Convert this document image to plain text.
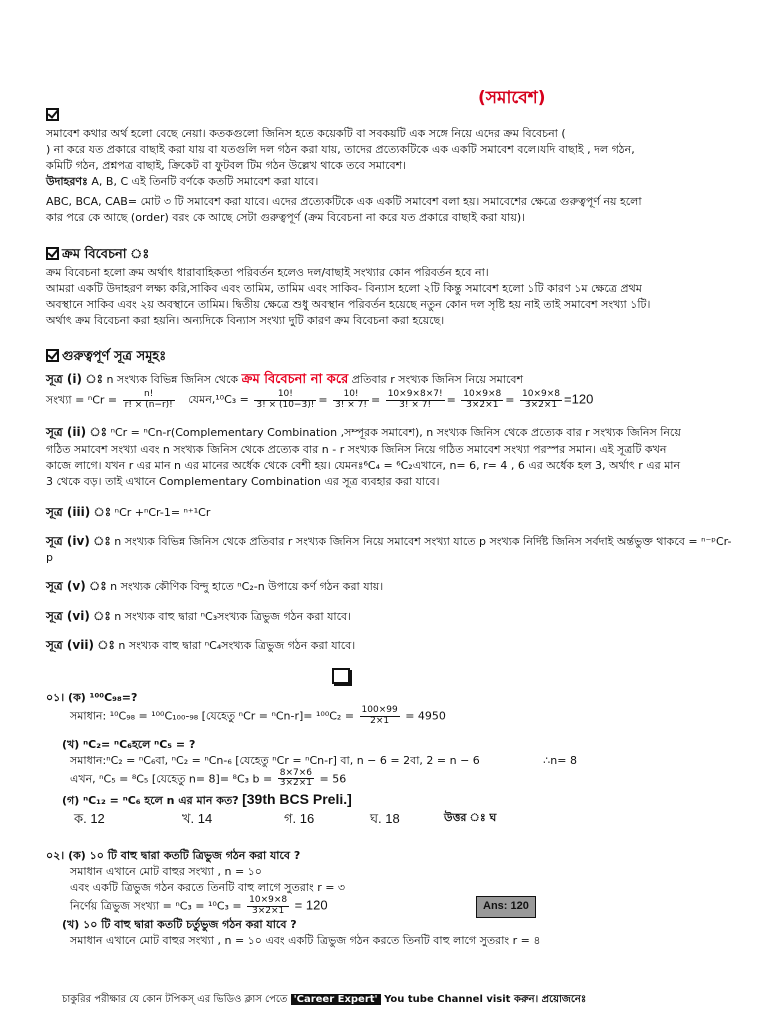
(সমাবেশ)
সমাবেশ কথার অর্থ হলো বেছে নেয়া। কতকগুলো জিনিস হতে কয়েকটি বা সবকয়টি এক সঙ্গে নিয়ে এদের ক্রম বিবেচনা (
) না করে যত প্রকারে বাছাই করা যায় বা যতগুলি দল গঠন করা যায়, তাদের প্রত্যেকটিকে এক একটি সমাবেশ বলে।যদি বাছাই , দল গঠন,
কমিটি গঠন, প্রশ্নপত্র বাছাই, ক্রিকেট বা ফুটবল টিম গঠন উল্লেখ থাকে তবে সমাবেশ।
উদাহরণঃ A, B, C এই তিনটি বর্ণকে কতটি সমাবেশ করা যাবে।
ABC, BCA, CAB= মোট ৩ টি সমাবেশ করা যাবে। এদের প্রত্যেকটিকে এক একটি সমাবেশ বলা হয়। সমাবেশের ক্ষেত্রে গুরুত্বপূর্ণ নয় হলো
কার পরে কে আছে (order) বরং কে আছে সেটা গুরুত্বপূর্ণ (ক্রম বিবেচনা না করে যত প্রকারে বাছাই করা যায়)।
ক্রম বিবেচনা ঃ
ক্রম বিবেচনা হলো ক্রম অর্থাৎ ধারাবাহিকতা পরিবর্তন হলেও দল/বাছাই সংখ্যার কোন পরিবর্তন হবে না।
আমরা একটি উদাহরণ লক্ষ্য করি,সাকিব এবং তামিম, তামিম এবং সাকিব- বিন্যাস হলো ২টি কিন্তু সমাবেশ হলো ১টি কারণ ১ম ক্ষেত্রে প্রথম
অবস্থানে সাকিব এবং ২য় অবস্থানে তামিম। দ্বিতীয় ক্ষেত্রে শুধু অবস্থান পরিবর্তন হয়েছে নতুন কোন দল সৃষ্টি হয় নাই তাই সমাবেশ সংখ্যা ১টি।
অর্থাৎ ক্রম বিবেচনা করা হয়নি। অন্যদিকে বিন্যাস সংখ্যা দুটি কারণ ক্রম বিবেচনা করা হয়েছে।
গুরুত্বপূর্ণ সূত্র সমূহঃ
সূত্র (i) ঃ n সংখ্যক বিভিন্ন জিনিস থেকে ক্রম বিবেচনা না করে প্রতিবার r সংখ্যক জিনিস নিয়ে সমাবেশ
সংখ্যা = $^nCr = \frac{n!}{r! \times (n-r)!}$ যেমন,¹⁰C₃ = $\frac{10!}{3! \times (10-3)!} = \frac{10!}{3! \times 7!} = \frac{10\times 9\times 8\times 7!}{3! \times 7!} = \frac{10\times 9\times 8}{3\times 2\times 1} = \frac{10\times 9\times 8}{3\times 2\times 1} =120$
সূত্র (ii) ঃ ⁿCr = ⁿCn-r(Complementary Combination ,সম্পূরক সমাবেশ), n সংখ্যক জিনিস থেকে প্রত্যেক বার r সংখ্যক জিনিস নিয়ে
গঠিত সমাবেশ সংখ্যা এবং n সংখ্যক জিনিস থেকে প্রত্যেক বার n - r সংখ্যক জিনিস নিয়ে গঠিত সমাবেশ সংখ্যা পরস্পর সমান। এই সূত্রটি কখন
কাজে লাগে। যখন r এর মান n এর মানের অর্ধেক থেকে বেশী হয়। যেমনঃ⁶C₄ = ⁶C₂এখানে, n= 6, r= 4 , 6 এর অর্ধেক হল 3, অর্থাৎ r এর মান
3 থেকে বড়। তাই এখানে Complementary Combination এর সূত্র ব্যবহার করা যাবে।
সূত্র (iii) ঃ ⁿCr +ⁿCr-1= ⁿ⁺¹Cr
সূত্র (iv) ঃ n সংখ্যক বিভিন্ন জিনিস থেকে প্রতিবার r সংখ্যক জিনিস নিয়ে সমাবেশ সংখ্যা যাতে p সংখ্যক নির্দিষ্ট জিনিস সর্বদাই অর্ন্তভুক্ত থাকবে = ⁿ⁻ᵖCr-p
সূত্র (v) ঃ n সংখ্যক কৌণিক বিন্দু হাতে ⁿC₂-n উপায়ে কর্ণ গঠন করা যায়।
সূত্র (vi) ঃ n সংখ্যক বাহু দ্বারা ⁿC₃সংখ্যক ত্রিভুজ গঠন করা যাবে।
সূত্র (vii) ঃ n সংখ্যক বাহু দ্বারা ⁿC₄সংখ্যক ত্রিভুজ গঠন করা যাবে।
০১। (ক) ¹⁰⁰C₉₈=?
সমাধান: ¹⁰C₉₈ = ¹⁰⁰C₁₀₀-₉₈ [যেহেতু $^nCr = ^nCn-r]= ^{100}C_2 = \frac{100\times 99}{2\times 1} = 4950$
(খ) ⁿC₂= ⁿC₆হলে ⁿC₅ = ?
সমাধান:ⁿC₂ = ⁿC₆বা, ⁿC₂ = ⁿCn-₆ [যেহেতু ⁿCr = ⁿCn-r] বা, n − 6 = 2বা, 2 = n − 6	∴n= 8
এখন, ⁿC₅ = ⁸C₅ [যেহেতু n= 8]= ⁸C₃ $b = \frac{8\times 7\times 6}{3\times 2\times 1} = 56$
(গ) ⁿC₁₂ = ⁿC₆ হলে n এর মান কত? [39th BCS Preli.]
ক. 12	খ. 14	গ. 16	ঘ. 18	উত্তর ঃ ঘ
০২। (ক) ১০ টি বাহু দ্বারা কতটি ত্রিভুজ গঠন করা যাবে ?
সমাধান এখানে মোট বাহুর সংখ্যা , n = ১০
এবং একটি ত্রিভুজ গঠন করতে তিনটি বাহু লাগে সুতরাং r = ৩
নির্ণেয় ত্রিভুজ সংখ্যা = $^nC_3 = ^{10}C_3 = \frac{10\times 9\times 8}{3\times 2\times 1} = 120$	Ans: 120
(খ) ১০ টি বাহু দ্বারা কতটি চর্তুভুজ গঠন করা যাবে ?
সমাধান এখানে মোট বাহুর সংখ্যা , n = ১০ এবং একটি ত্রিভুজ গঠন করতে তিনটি বাহু লাগে সুতরাং r = ৪
চাকুরির পরীক্ষার যে কোন টপিকস্ এর ভিডিও ক্লাস পেতে 'Career Expert' You tube Channel visit করুন। প্রয়োজনেঃ
